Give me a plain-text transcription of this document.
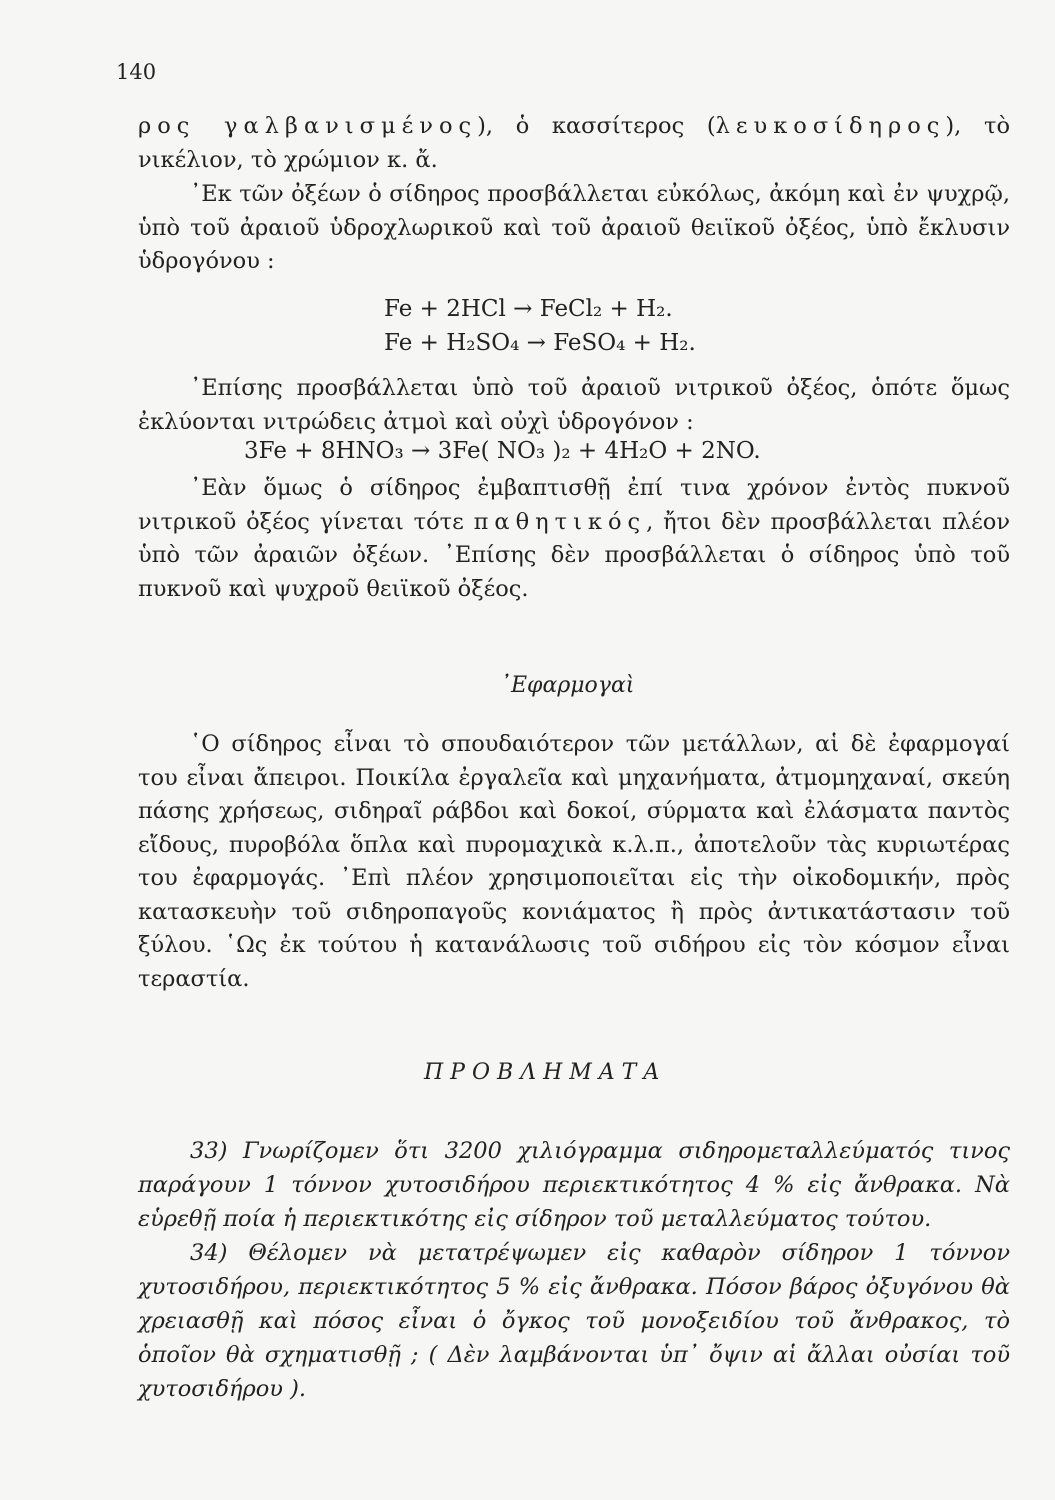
140

ρος γαλβανισμένος), ὁ κασσίτερος (λευκοσίδηρος), τὸ νικέλιον, τὸ χρώμιον κ. ἄ.

᾽Εκ τῶν ὀξέων ὁ σίδηρος προσβάλλεται εὐκόλως, ἀκόμη καὶ ἐν ψυχρῷ, ὑπὸ τοῦ ἀραιοῦ ὑδροχλωρικοῦ καὶ τοῦ ἀραιοῦ θειϊκοῦ ὀξέος, ὑπὸ ἔκλυσιν ὑδρογόνου :

Fe + 2HCl → FeCl₂ + H₂.
Fe + H₂SO₄ → FeSO₄ + H₂.

᾽Επίσης προσβάλλεται ὑπὸ τοῦ ἀραιοῦ νιτρικοῦ ὀξέος, ὁπότε ὅμως ἐκλύονται νιτρώδεις ἀτμοὶ καὶ οὐχὶ ὑδρογόνον :

3Fe + 8HNO₃ → 3Fe( NO₃ )₂ + 4H₂O + 2NO.

᾽Εὰν ὅμως ὁ σίδηρος ἐμβαπτισθῇ ἐπί τινα χρόνον ἐντὸς πυκνοῦ νιτρικοῦ ὀξέος γίνεται τότε παθητικός, ἤτοι δὲν προσβάλλεται πλέον ὑπὸ τῶν ἀραιῶν ὀξέων. ᾽Επίσης δὲν προσβάλλεται ὁ σίδηρος ὑπὸ τοῦ πυκνοῦ καὶ ψυχροῦ θειϊκοῦ ὀξέος.

᾽Εφαρμογαὶ

῾Ο σίδηρος εἶναι τὸ σπουδαιότερον τῶν μετάλλων, αἱ δὲ ἐφαρμογαί του εἶναι ἄπειροι. Ποικίλα ἐργαλεῖα καὶ μηχανήματα, ἀτμομηχαναί, σκεύη πάσης χρήσεως, σιδηραῖ ράβδοι καὶ δοκοί, σύρματα καὶ ἐλάσματα παντὸς εἴδους, πυροβόλα ὅπλα καὶ πυρομαχικὰ κ.λ.π., ἀποτελοῦν τὰς κυριωτέρας του ἐφαρμογάς. ᾽Επὶ πλέον χρησιμοποιεῖται εἰς τὴν οἰκοδομικήν, πρὸς κατασκευὴν τοῦ σιδηροπαγοῦς κονιάματος ἢ πρὸς ἀντικατάστασιν τοῦ ξύλου. ῾Ως ἐκ τούτου ἡ κατανάλωσις τοῦ σιδήρου εἰς τὸν κόσμον εἶναι τεραστία.

ΠΡΟΒΛΗΜΑΤΑ

33) Γνωρίζομεν ὅτι 3200 χιλιόγραμμα σιδηρομεταλλεύματός τινος παράγουν 1 τόννον χυτοσιδήρου περιεκτικότητος 4 % εἰς ἄνθρακα. Νὰ εὑρεθῇ ποία ἡ περιεκτικότης εἰς σίδηρον τοῦ μεταλλεύματος τούτου.

34) Θέλομεν νὰ μετατρέψωμεν εἰς καθαρὸν σίδηρον 1 τόννον χυτοσιδήρου, περιεκτικότητος 5 % εἰς ἄνθρακα. Πόσον βάρος ὀξυγόνου θὰ χρειασθῇ καὶ πόσος εἶναι ὁ ὄγκος τοῦ μονοξειδίου τοῦ ἄνθρακος, τὸ ὁποῖον θὰ σχηματισθῇ ; ( Δὲν λαμβάνονται ὑπ᾽ ὄψιν αἱ ἄλλαι οὐσίαι τοῦ χυτοσιδήρου ).
